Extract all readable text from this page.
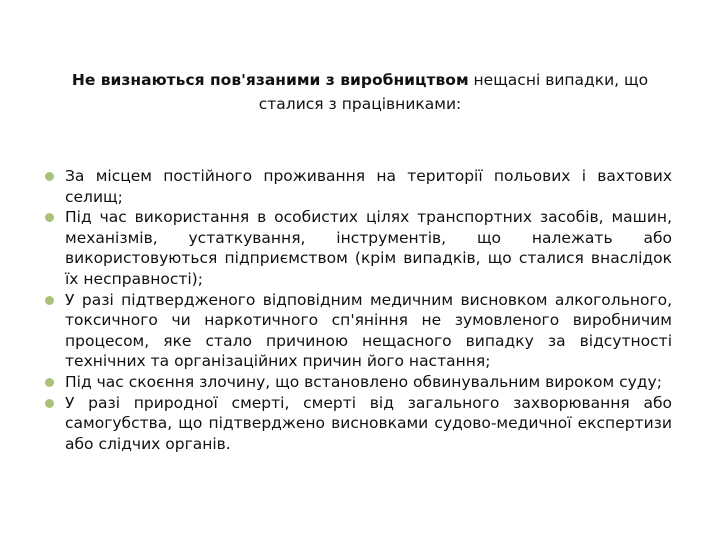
Не визнаються пов'язаними з виробництвом нещасні випадки, що сталися з працівниками:
За місцем постійного проживання на території польових і вахтових селищ;
Під час використання в особистих цілях транспортних засобів, машин, механізмів, устаткування, інструментів, що належать або використовуються підприємством (крім випадків, що сталися внаслідок їх несправності);
У разі підтвердженого відповідним медичним висновком алкогольного, токсичного чи наркотичного сп'яніння не зумовленого виробничим процесом, яке стало причиною нещасного випадку за відсутності технічних та організаційних причин його настання;
Під час скоєння злочину, що встановлено обвинувальним вироком суду;
У разі природної смерті, смерті від загального захворювання або самогубства, що підтверджено висновками судово-медичної експертизи або слідчих органів.
